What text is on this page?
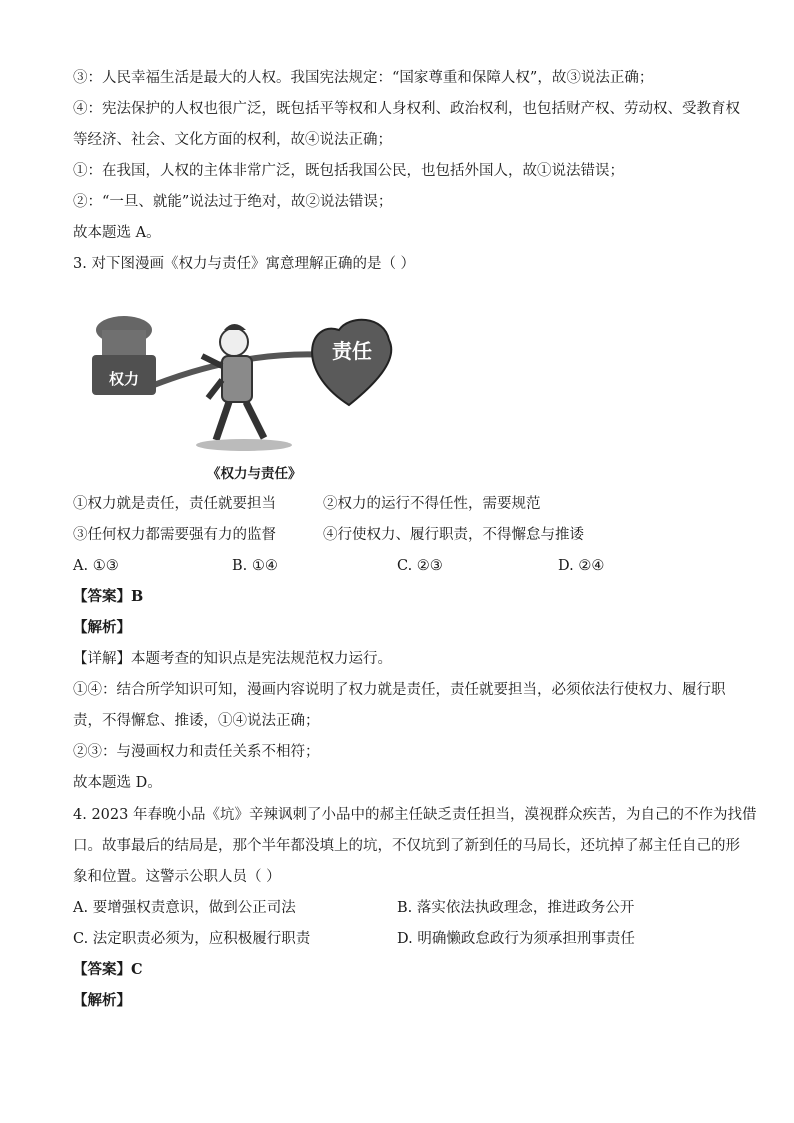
③：人民幸福生活是最大的人权。我国宪法规定：“国家尊重和保障人权”，故③说法正确；
④：宪法保护的人权也很广泛，既包括平等权和人身权利、政治权利，也包括财产权、劳动权、受教育权
等经济、社会、文化方面的权利，故④说法正确；
①：在我国，人权的主体非常广泛，既包括我国公民，也包括外国人，故①说法错误；
②：“一旦、就能”说法过于绝对，故②说法错误；
故本题选 A。
3. 对下图漫画《权力与责任》寓意理解正确的是（ ）
权力
责任
《权力与责任》
①权力就是责任，责任就要担当	②权力的运行不得任性，需要规范
③任何权力都需要强有力的监督	④行使权力、履行职责，不得懈怠与推诿
A. ①③	B. ①④	C. ②③	D. ②④
【答案】B
【解析】
【详解】本题考查的知识点是宪法规范权力运行。
①④：结合所学知识可知，漫画内容说明了权力就是责任，责任就要担当，必须依法行使权力、履行职
责，不得懈怠、推诿，①④说法正确；
②③：与漫画权力和责任关系不相符；
故本题选 D。
4. 2023 年春晚小品《坑》辛辣讽刺了小品中的郝主任缺乏责任担当，漠视群众疾苦，为自己的不作为找借
口。故事最后的结局是，那个半年都没填上的坑，不仅坑到了新到任的马局长，还坑掉了郝主任自己的形
象和位置。这警示公职人员（ ）
A. 要增强权责意识，做到公正司法	B. 落实依法执政理念，推进政务公开
C. 法定职责必须为，应积极履行职责	D. 明确懒政怠政行为须承担刑事责任
【答案】C
【解析】
